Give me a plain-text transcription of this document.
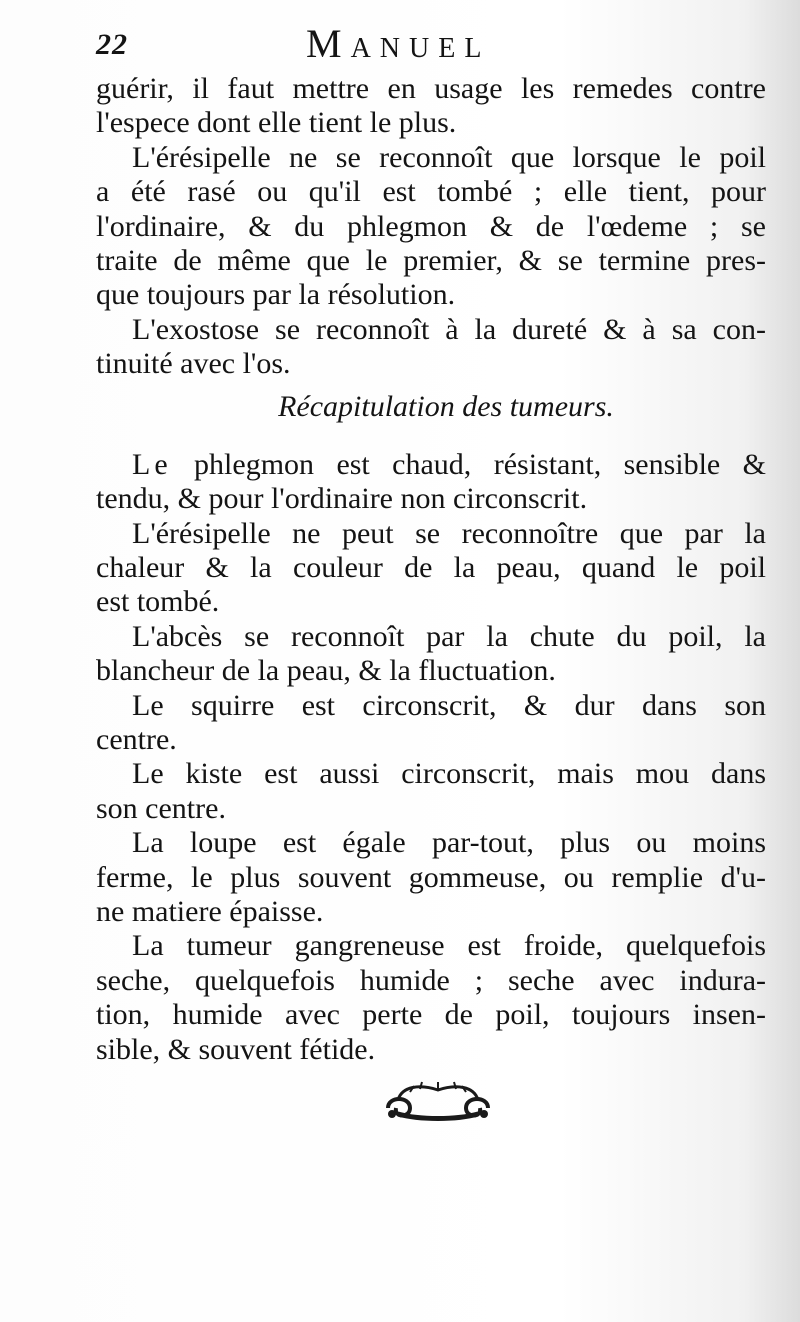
22	Manuel
guérir, il faut mettre en usage les remedes contre
l'espece dont elle tient le plus.
L'érésipelle ne se reconnoît que lorsque le poil
a été rasé ou qu'il est tombé ; elle tient, pour
l'ordinaire, & du phlegmon & de l'œdeme ; se
traite de même que le premier, & se termine pres-
que toujours par la résolution.
L'exostose se reconnoît à la dureté & à sa con-
tinuité avec l'os.
Récapitulation des tumeurs.
Le phlegmon est chaud, résistant, sensible &
tendu, & pour l'ordinaire non circonscrit.
L'érésipelle ne peut se reconnoître que par la
chaleur & la couleur de la peau, quand le poil
est tombé.
L'abcès se reconnoît par la chute du poil, la
blancheur de la peau, & la fluctuation.
Le squirre est circonscrit, & dur dans son
centre.
Le kiste est aussi circonscrit, mais mou dans
son centre.
La loupe est égale par-tout, plus ou moins
ferme, le plus souvent gommeuse, ou remplie d'u-
ne matiere épaisse.
La tumeur gangreneuse est froide, quelquefois
seche, quelquefois humide ; seche avec indura-
tion, humide avec perte de poil, toujours insen-
sible, & souvent fétide.
